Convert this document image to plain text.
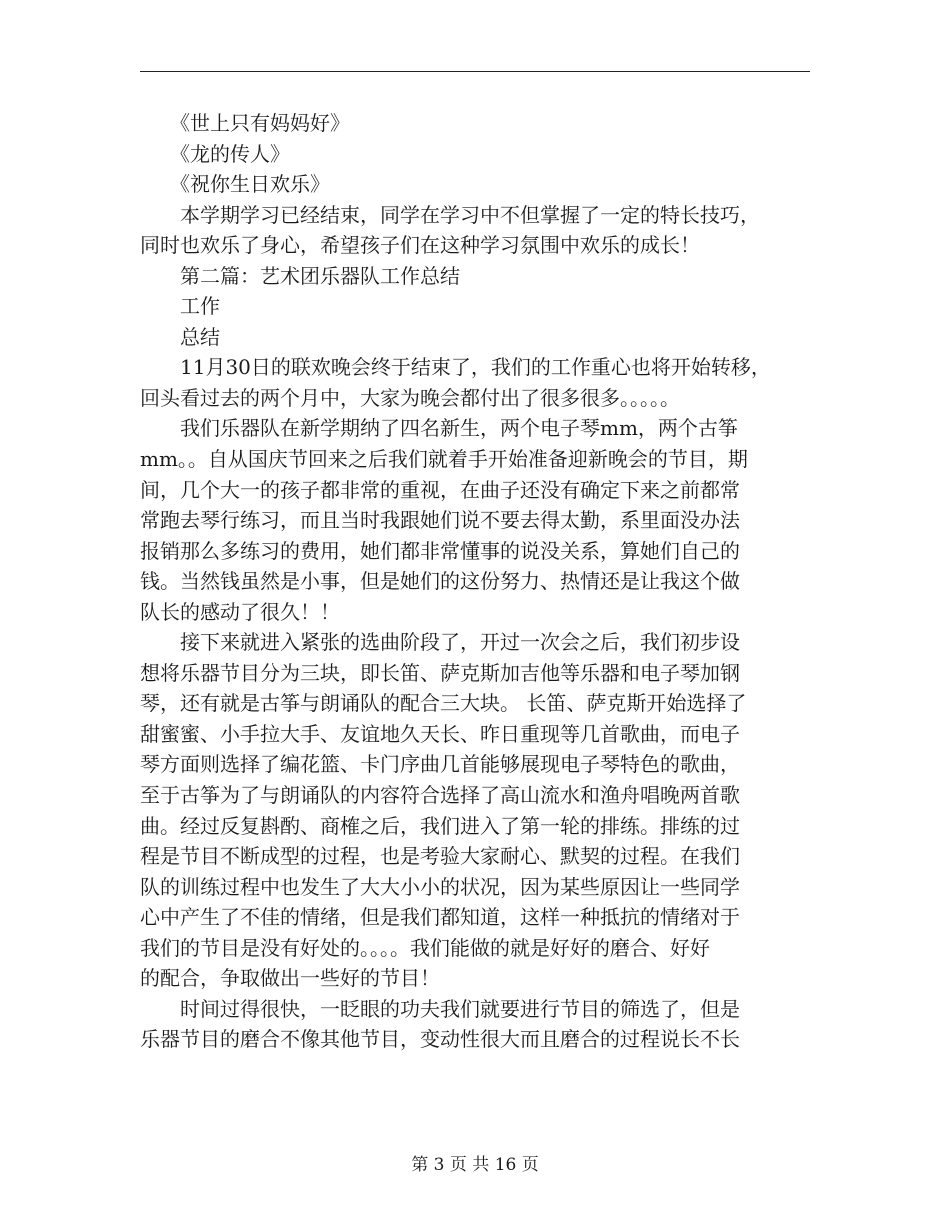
　　《世上只有妈妈好》
　　《龙的传人》
　　《祝你生日欢乐》
　　本学期学习已经结束，同学在学习中不但掌握了一定的特长技巧，
同时也欢乐了身心，希望孩子们在这种学习氛围中欢乐的成长！
　　第二篇：艺术团乐器队工作总结
　　工作
　　总结
　　11月30日的联欢晚会终于结束了，我们的工作重心也将开始转移，
回头看过去的两个月中，大家为晚会都付出了很多很多。。。。。
　　我们乐器队在新学期纳了四名新生，两个电子琴mm，两个古筝
mm。。自从国庆节回来之后我们就着手开始准备迎新晚会的节目，期
间，几个大一的孩子都非常的重视，在曲子还没有确定下来之前都常
常跑去琴行练习，而且当时我跟她们说不要去得太勤，系里面没办法
报销那么多练习的费用，她们都非常懂事的说没关系，算她们自己的
钱。当然钱虽然是小事，但是她们的这份努力、热情还是让我这个做
队长的感动了很久！！
　　接下来就进入紧张的选曲阶段了，开过一次会之后，我们初步设
想将乐器节目分为三块，即长笛、萨克斯加吉他等乐器和电子琴加钢
琴，还有就是古筝与朗诵队的配合三大块。 长笛、萨克斯开始选择了
甜蜜蜜、小手拉大手、友谊地久天长、昨日重现等几首歌曲，而电子
琴方面则选择了编花篮、卡门序曲几首能够展现电子琴特色的歌曲，
至于古筝为了与朗诵队的内容符合选择了高山流水和渔舟唱晚两首歌
曲。经过反复斟酌、商榷之后，我们进入了第一轮的排练。排练的过
程是节目不断成型的过程，也是考验大家耐心、默契的过程。在我们
队的训练过程中也发生了大大小小的状况，因为某些原因让一些同学
心中产生了不佳的情绪，但是我们都知道，这样一种抵抗的情绪对于
我们的节目是没有好处的。。。。我们能做的就是好好的磨合、好好
的配合，争取做出一些好的节目！
　　时间过得很快，一眨眼的功夫我们就要进行节目的筛选了，但是
乐器节目的磨合不像其他节目，变动性很大而且磨合的过程说长不长
第 3 页 共 16 页
